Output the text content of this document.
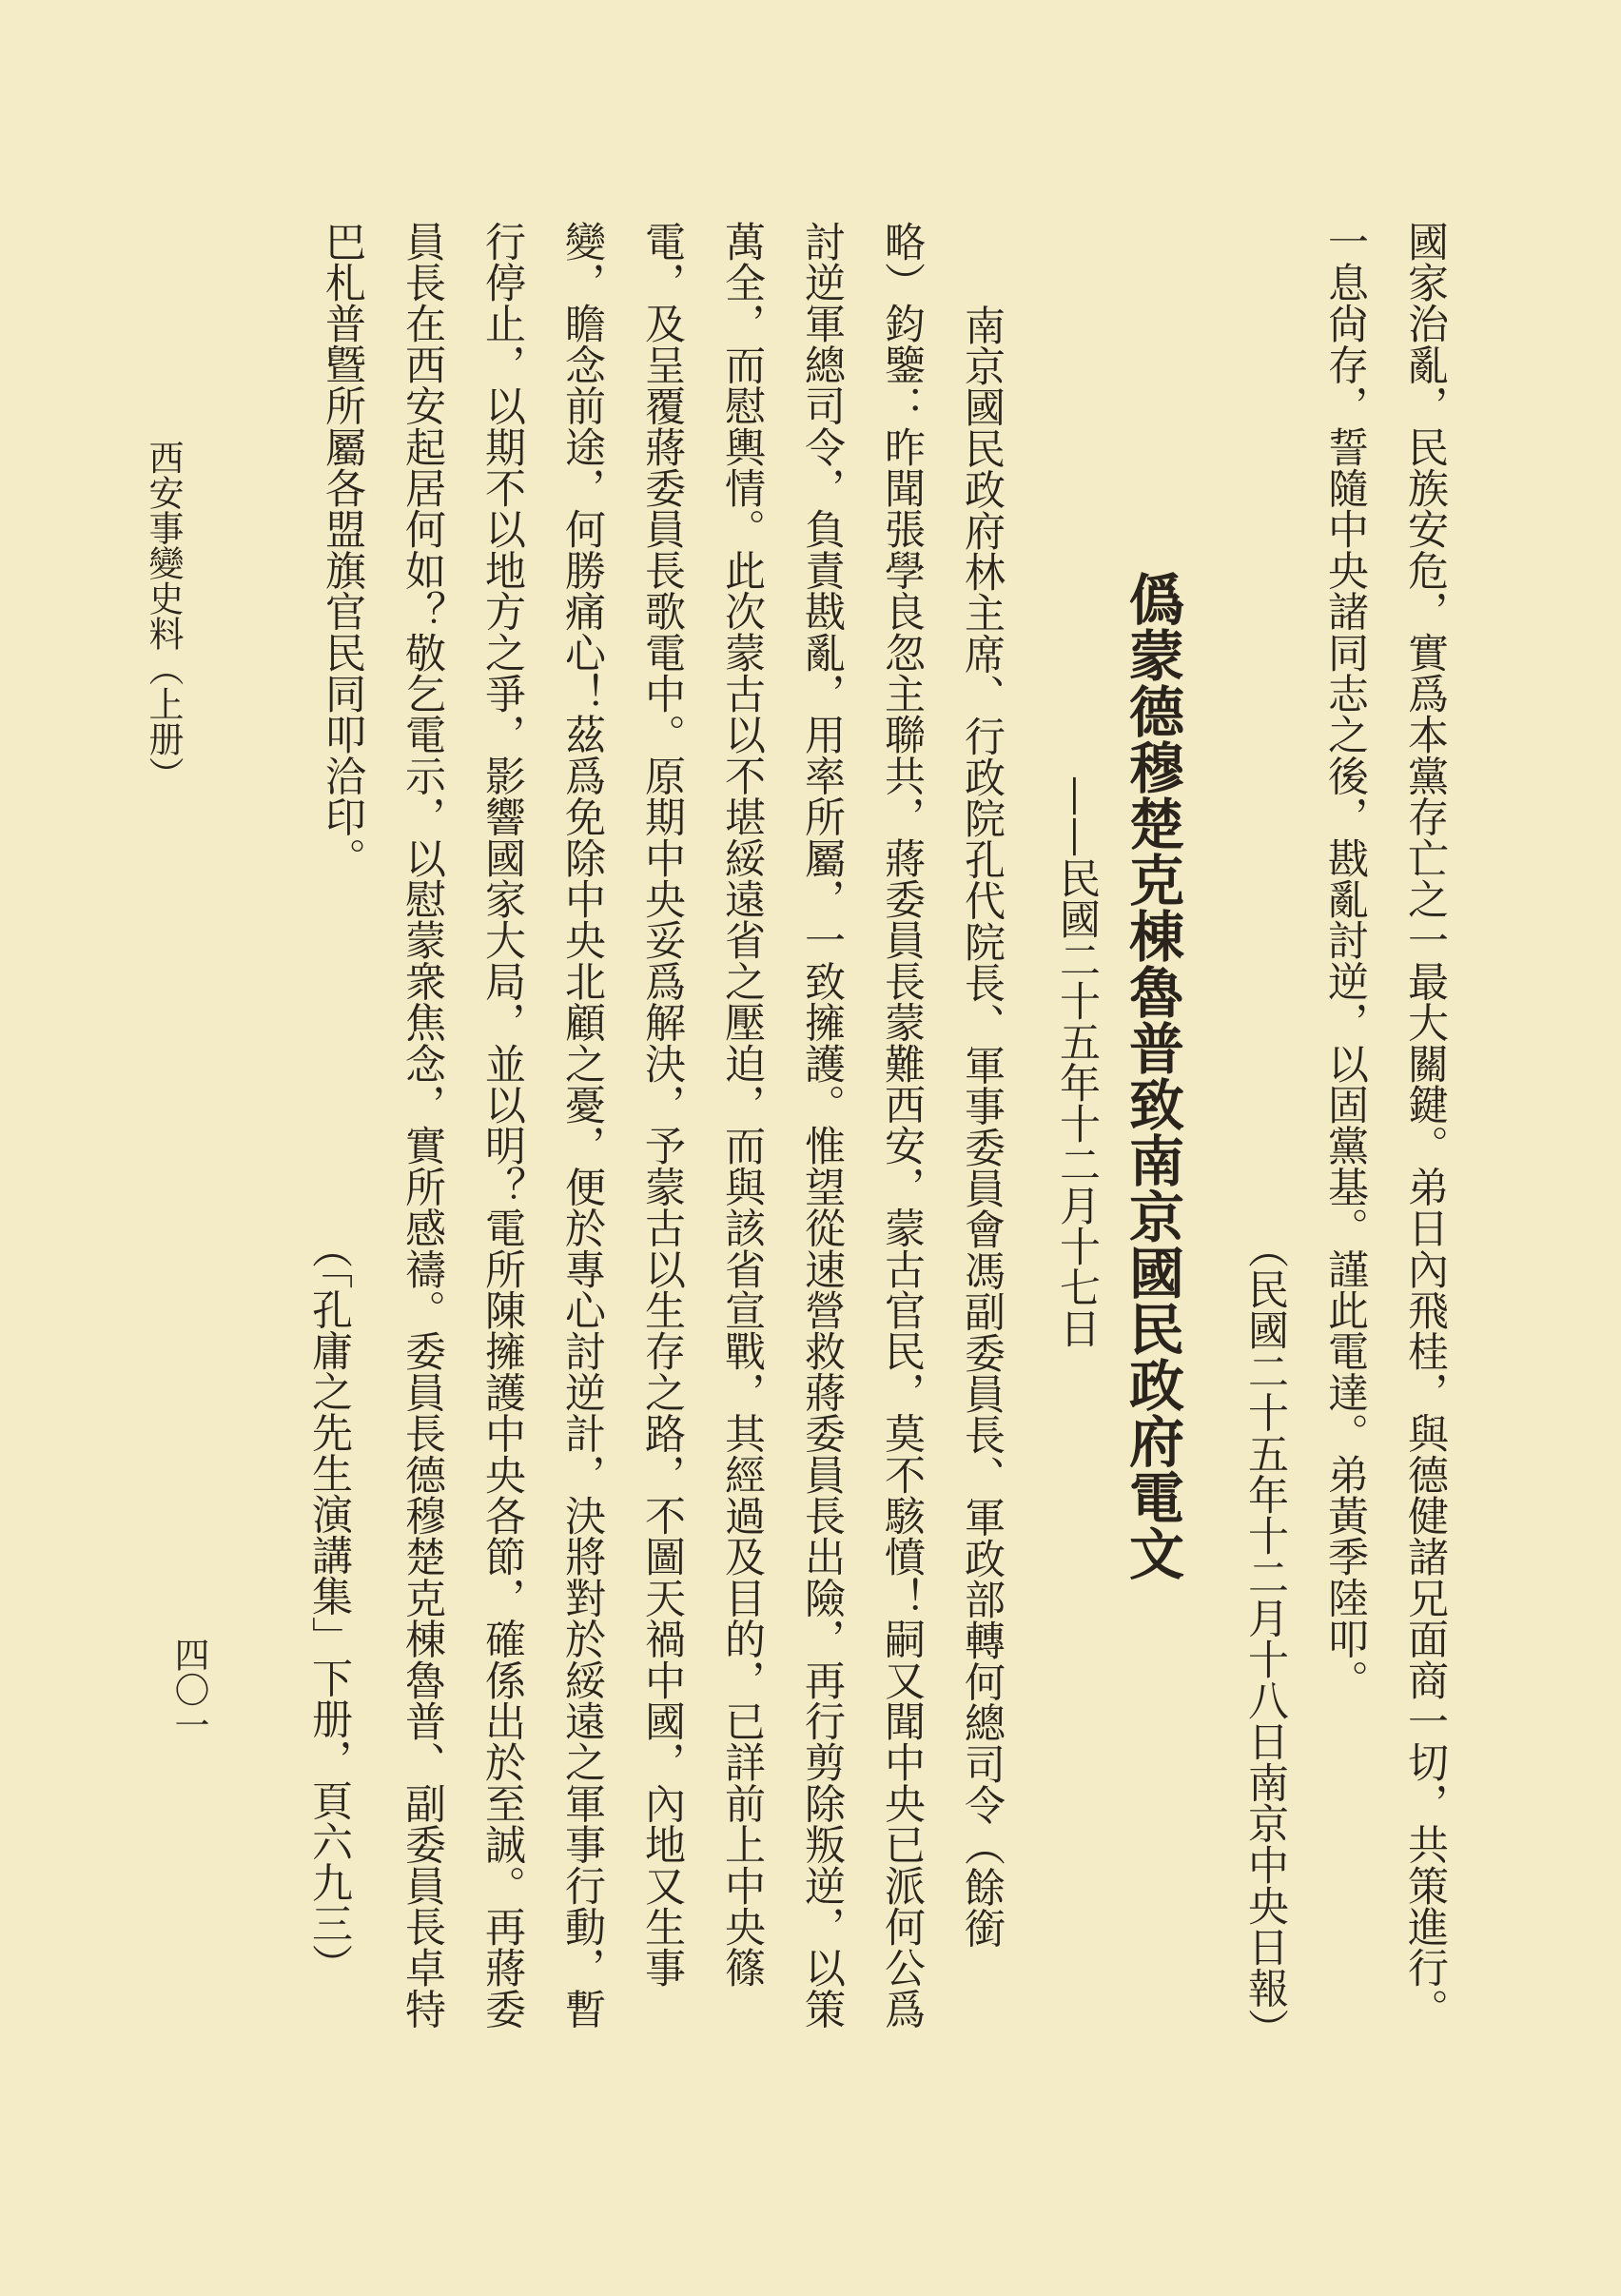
國家治亂，民族安危，實爲本黨存亡之一最大關鍵。弟日內飛桂，與德健諸兄面商一切，共策進行。
一息尙存，誓隨中央諸同志之後，戡亂討逆，以固黨基。謹此電達。弟黃季陸叩。
（民國二十五年十二月十八日南京中央日報）
僞蒙德穆楚克棟魯普致南京國民政府電文
——民國二十五年十二月十七日
南京國民政府林主席、行政院孔代院長、軍事委員會馮副委員長、軍政部轉何總司令（餘銜
略）鈞鑒：昨聞張學良忽主聯共，蔣委員長蒙難西安，蒙古官民，莫不駭憤！嗣又聞中央已派何公爲
討逆軍總司令，負責戡亂，用率所屬，一致擁護。惟望從速營救蔣委員長出險，再行剪除叛逆，以策
萬全，而慰輿情。此次蒙古以不堪綏遠省之壓迫，而與該省宣戰，其經過及目的，已詳前上中央篠
電，及呈覆蔣委員長歌電中。原期中央妥爲解決，予蒙古以生存之路，不圖天禍中國，內地又生事
變，瞻念前途，何勝痛心！茲爲免除中央北顧之憂，便於專心討逆計，決將對於綏遠之軍事行動，暫
行停止，以期不以地方之爭，影響國家大局，並以明？電所陳擁護中央各節，確係出於至誠。再蔣委
員長在西安起居何如？敬乞電示，以慰蒙衆焦念，實所感禱。委員長德穆楚克棟魯普、副委員長卓特
巴札普曁所屬各盟旗官民同叩洽印。
（「孔庸之先生演講集」下册，頁六九三）
西安事變史料（上册）
四〇一
